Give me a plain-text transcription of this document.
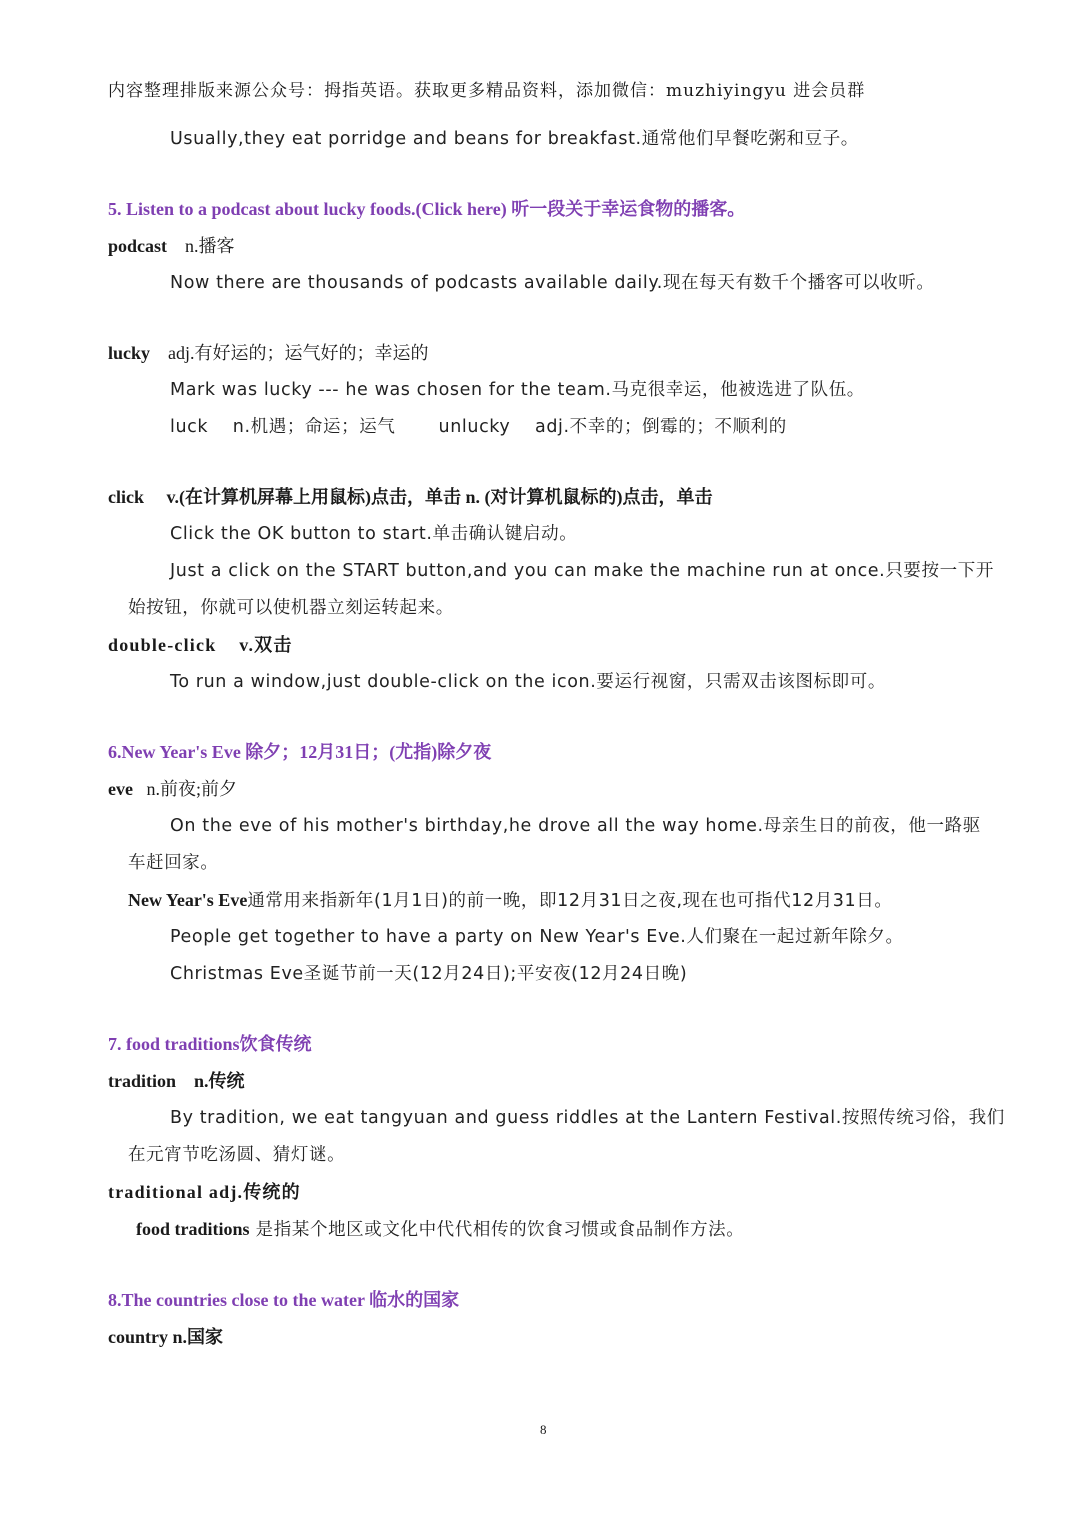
内容整理排版来源公众号：拇指英语。获取更多精品资料，添加微信：muzhiyingyu 进会员群
Usually,they eat porridge and beans for breakfast.通常他们早餐吃粥和豆子。
5. Listen to a podcast about lucky foods.(Click here) 听一段关于幸运食物的播客。
podcast n.播客
Now there are thousands of podcasts available daily.现在每天有数千个播客可以收听。
lucky adj.有好运的；运气好的；幸运的
Mark was lucky --- he was chosen for the team.马克很幸运，他被选进了队伍。
luck    n.机遇；命运；运气       unlucky    adj.不幸的；倒霉的；不顺利的
click v.(在计算机屏幕上用鼠标)点击，单击 n. (对计算机鼠标的)点击，单击
Click the OK button to start.单击确认键启动。
Just a click on the START button,and you can make the machine run at once.只要按一下开
始按钮，你就可以使机器立刻运转起来。
double-click v.双击
To run a window,just double-click on the icon.要运行视窗，只需双击该图标即可。
6.New Year's Eve 除夕；12月31日；(尤指)除夕夜
eve n.前夜;前夕
On the eve of his mother's birthday,he drove all the way home.母亲生日的前夜，他一路驱
车赶回家。
New Year's Eve通常用来指新年(1月1日)的前一晚，即12月31日之夜,现在也可指代12月31日。
People get together to have a party on New Year's Eve.人们聚在一起过新年除夕。
Christmas Eve圣诞节前一天(12月24日);平安夜(12月24日晚)
7. food traditions饮食传统
tradition n.传统
By tradition, we eat tangyuan and guess riddles at the Lantern Festival.按照传统习俗，我们
在元宵节吃汤圆、猜灯谜。
traditional adj.传统的
food traditions 是指某个地区或文化中代代相传的饮食习惯或食品制作方法。
8.The countries close to the water 临水的国家
country n.国家
8
